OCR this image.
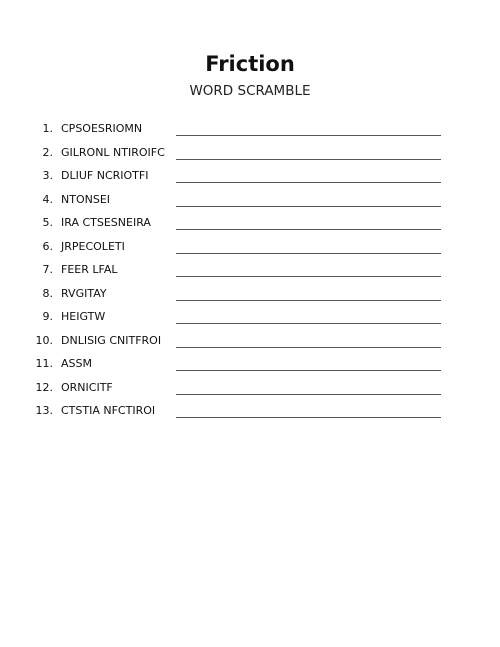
Friction
WORD SCRAMBLE
1. CPSOESRIOMN
2. GILRONL NTIROIFC
3. DLIUF NCRIOTFI
4. NTONSEI
5. IRA CTSESNEIRA
6. JRPECOLETI
7. FEER LFAL
8. RVGITAY
9. HEIGTW
10. DNLISIG CNITFROI
11. ASSM
12. ORNICITF
13. CTSTIA NFCTIROI
